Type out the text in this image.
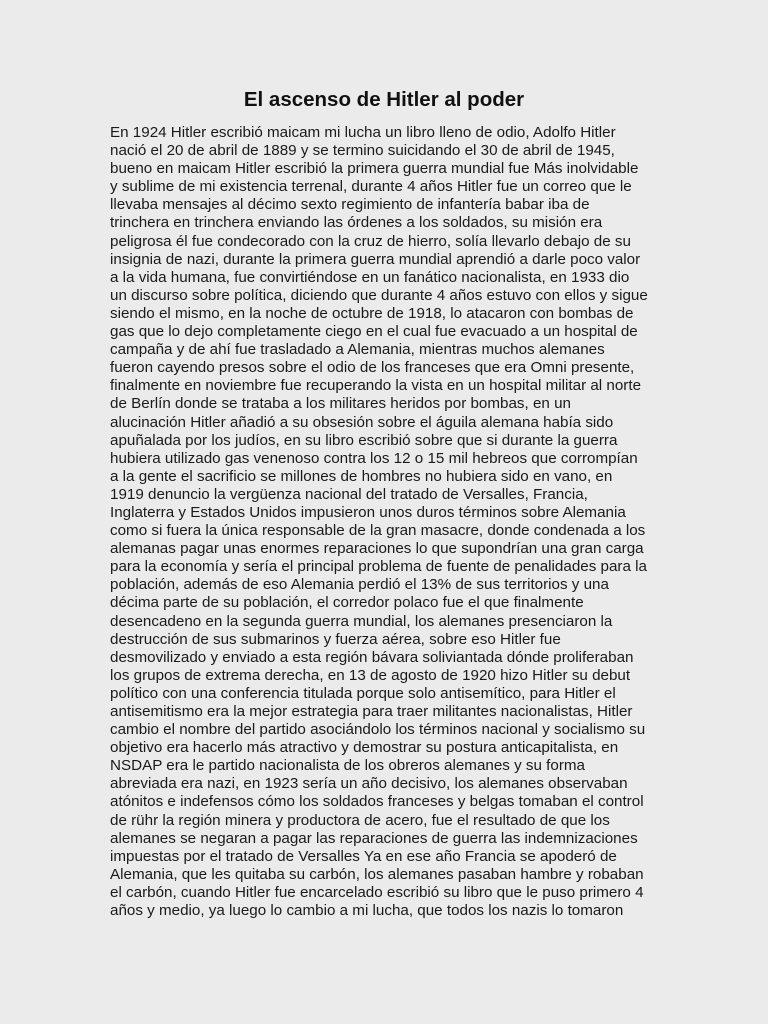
El ascenso de Hitler al poder
En 1924 Hitler escribió maicam mi lucha un libro lleno de odio, Adolfo Hitler
nació el 20 de abril de 1889 y se termino suicidando el 30 de abril de 1945,
bueno en maicam Hitler escribió la primera guerra mundial fue Más inolvidable
y sublime de mi existencia terrenal, durante 4 años Hitler fue un correo que le
llevaba mensajes al décimo sexto regimiento de infantería babar iba de
trinchera en trinchera enviando las órdenes a los soldados, su misión era
peligrosa él fue condecorado con la cruz de hierro, solía llevarlo debajo de su
insignia de nazi, durante la primera guerra mundial aprendió a darle poco valor
a la vida humana, fue convirtiéndose en un fanático nacionalista, en 1933 dio
un discurso sobre política, diciendo que durante 4 años estuvo con ellos y sigue
siendo el mismo, en la noche de octubre de 1918, lo atacaron con bombas de
gas que lo dejo completamente ciego en el cual fue evacuado a un hospital de
campaña y de ahí fue trasladado a Alemania, mientras muchos alemanes
fueron cayendo presos sobre el odio de los franceses que era Omni presente,
finalmente en noviembre fue recuperando la vista en un hospital militar al norte
de Berlín donde se trataba a los militares heridos por bombas, en un
alucinación Hitler añadió a su obsesión sobre el águila alemana había sido
apuñalada por los judíos, en su libro escribió sobre que si durante la guerra
hubiera utilizado gas venenoso contra los 12 o 15 mil hebreos que corrompían
a la gente el sacrificio se millones de hombres no hubiera sido en vano, en
1919 denuncio la vergüenza nacional del tratado de Versalles, Francia,
Inglaterra y Estados Unidos impusieron unos duros términos sobre Alemania
como si fuera la única responsable de la gran masacre, donde condenada a los
alemanas pagar unas enormes reparaciones lo que supondrían una gran carga
para la economía y sería el principal problema de fuente de penalidades para la
población, además de eso Alemania perdió el 13% de sus territorios y una
décima parte de su población, el corredor polaco fue el que finalmente
desencadeno en la segunda guerra mundial, los alemanes presenciaron la
destrucción de sus submarinos y fuerza aérea, sobre eso Hitler fue
desmovilizado y enviado a esta región bávara soliviantada dónde proliferaban
los grupos de extrema derecha, en 13 de agosto de 1920 hizo Hitler su debut
político con una conferencia titulada porque solo antisemítico, para Hitler el
antisemitismo era la mejor estrategia para traer militantes nacionalistas, Hitler
cambio el nombre del partido asociándolo los términos nacional y socialismo su
objetivo era hacerlo más atractivo y demostrar su postura anticapitalista, en
NSDAP era le partido nacionalista de los obreros alemanes y su forma
abreviada era nazi, en 1923 sería un año decisivo, los alemanes observaban
atónitos e indefensos cómo los soldados franceses y belgas tomaban el control
de rühr la región minera y productora de acero, fue el resultado de que los
alemanes se negaran a pagar las reparaciones de guerra las indemnizaciones
impuestas por el tratado de Versalles Ya en ese año Francia se apoderó de
Alemania, que les quitaba su carbón, los alemanes pasaban hambre y robaban
el carbón, cuando Hitler fue encarcelado escribió su libro que le puso primero 4
años y medio, ya luego lo cambio a mi lucha, que todos los nazis lo tomaron
